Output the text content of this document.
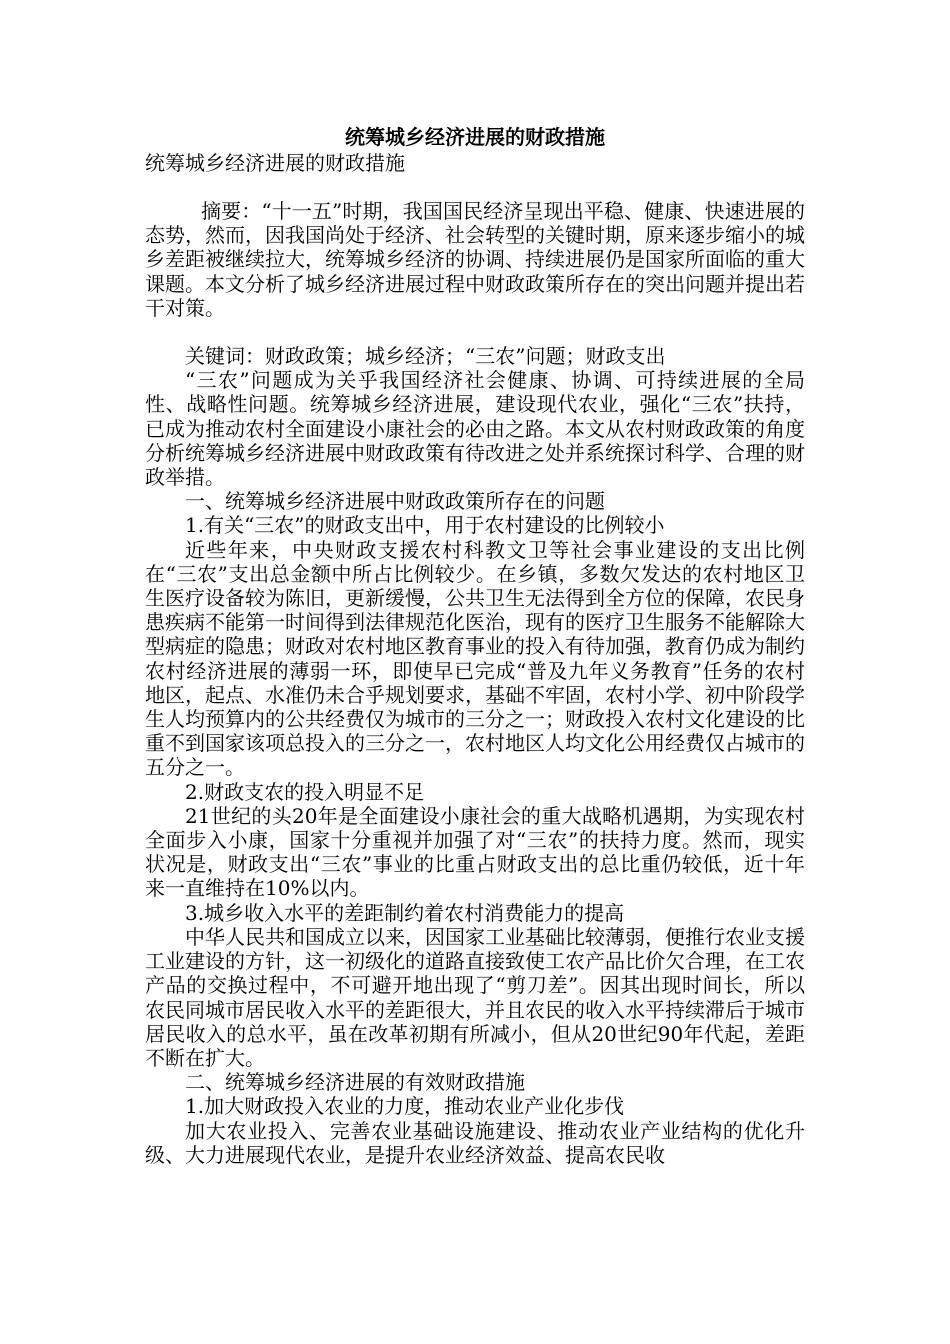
统筹城乡经济进展的财政措施

统筹城乡经济进展的财政措施

摘要：“十一五”时期，我国国民经济呈现出平稳、健康、快速进展的态势，然而，因我国尚处于经济、社会转型的关键时期，原来逐步缩小的城乡差距被继续拉大，统筹城乡经济的协调、持续进展仍是国家所面临的重大课题。本文分析了城乡经济进展过程中财政政策所存在的突出问题并提出若干对策。

关键词：财政政策；城乡经济；“三农”问题；财政支出

“三农”问题成为关乎我国经济社会健康、协调、可持续进展的全局性、战略性问题。统筹城乡经济进展，建设现代农业，强化“三农”扶持，已成为推动农村全面建设小康社会的必由之路。本文从农村财政政策的角度分析统筹城乡经济进展中财政政策有待改进之处并系统探讨科学、合理的财政举措。

一、统筹城乡经济进展中财政政策所存在的问题

1.有关“三农”的财政支出中，用于农村建设的比例较小

近些年来，中央财政支援农村科教文卫等社会事业建设的支出比例在“三农”支出总金额中所占比例较少。在乡镇，多数欠发达的农村地区卫生医疗设备较为陈旧，更新缓慢，公共卫生无法得到全方位的保障，农民身患疾病不能第一时间得到法律规范化医治，现有的医疗卫生服务不能解除大型病症的隐患；财政对农村地区教育事业的投入有待加强，教育仍成为制约农村经济进展的薄弱一环，即使早已完成“普及九年义务教育”任务的农村地区，起点、水准仍未合乎规划要求，基础不牢固，农村小学、初中阶段学生人均预算内的公共经费仅为城市的三分之一；财政投入农村文化建设的比重不到国家该项总投入的三分之一，农村地区人均文化公用经费仅占城市的五分之一。

2.财政支农的投入明显不足

21世纪的头20年是全面建设小康社会的重大战略机遇期，为实现农村全面步入小康，国家十分重视并加强了对“三农”的扶持力度。然而，现实状况是，财政支出“三农”事业的比重占财政支出的总比重仍较低，近十年来一直维持在10%以内。

3.城乡收入水平的差距制约着农村消费能力的提高

中华人民共和国成立以来，因国家工业基础比较薄弱，便推行农业支援工业建设的方针，这一初级化的道路直接致使工农产品比价欠合理，在工农产品的交换过程中，不可避开地出现了“剪刀差”。因其出现时间长，所以农民同城市居民收入水平的差距很大，并且农民的收入水平持续滞后于城市居民收入的总水平，虽在改革初期有所减小，但从20世纪90年代起，差距不断在扩大。

二、统筹城乡经济进展的有效财政措施

1.加大财政投入农业的力度，推动农业产业化步伐

加大农业投入、完善农业基础设施建设、推动农业产业结构的优化升级、大力进展现代农业，是提升农业经济效益、提高农民收
